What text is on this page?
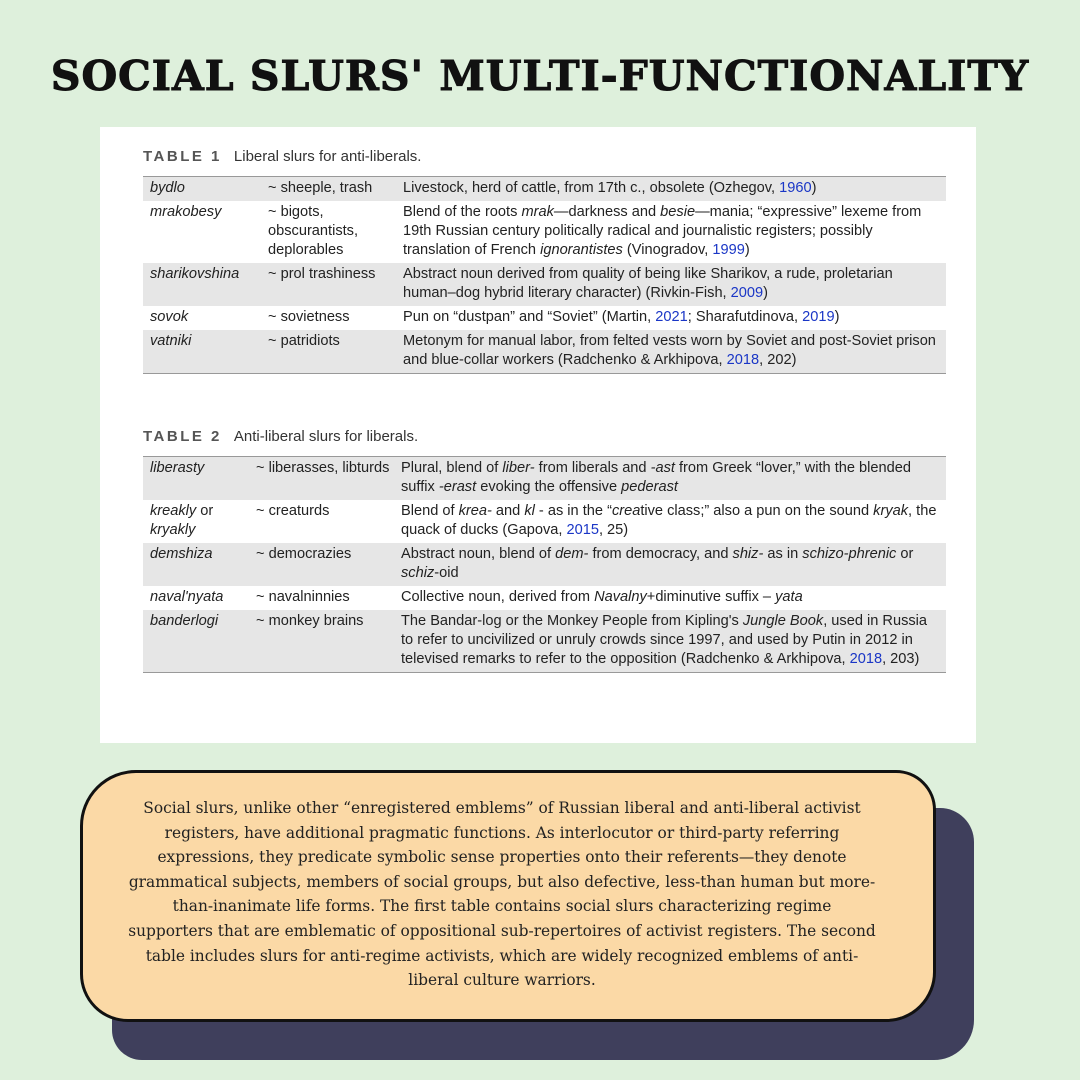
SOCIAL SLURS' MULTI-FUNCTIONALITY
TABLE 1 Liberal slurs for anti-liberals.
bydlo	~ sheeple, trash	Livestock, herd of cattle, from 17th c., obsolete (Ozhegov, 1960)
mrakobesy	~ bigots, obscurantists, deplorables	Blend of the roots mrak—darkness and besie—mania; “expressive” lexeme from 19th Russian century politically radical and journalistic registers; possibly translation of French ignorantistes (Vinogradov, 1999)
sharikovshina	~ prol trashiness	Abstract noun derived from quality of being like Sharikov, a rude, proletarian human–dog hybrid literary character) (Rivkin-Fish, 2009)
sovok	~ sovietness	Pun on “dustpan” and “Soviet” (Martin, 2021; Sharafutdinova, 2019)
vatniki	~ patridiots	Metonym for manual labor, from felted vests worn by Soviet and post-Soviet prison and blue-collar workers (Radchenko & Arkhipova, 2018, 202)
TABLE 2 Anti-liberal slurs for liberals.
liberasty	~ liberasses, libturds	Plural, blend of liber- from liberals and -ast from Greek “lover,” with the blended suffix -erast evoking the offensive pederast
kreakly or kryakly	~ creaturds	Blend of krea- and kl - as in the “creative class;” also a pun on the sound kryak, the quack of ducks (Gapova, 2015, 25)
demshiza	~ democrazies	Abstract noun, blend of dem- from democracy, and shiz- as in schizo-phrenic or schiz-oid
naval'nyata	~ navalninnies	Collective noun, derived from Navalny+diminutive suffix – yata
banderlogi	~ monkey brains	The Bandar-log or the Monkey People from Kipling's Jungle Book, used in Russia to refer to uncivilized or unruly crowds since 1997, and used by Putin in 2012 in televised remarks to refer to the opposition (Radchenko & Arkhipova, 2018, 203)
Social slurs, unlike other “enregistered emblems” of Russian liberal and anti-liberal activist registers, have additional pragmatic functions. As interlocutor or third-party referring expressions, they predicate symbolic sense properties onto their referents—they denote grammatical subjects, members of social groups, but also defective, less-than human but more-than-inanimate life forms. The first table contains social slurs characterizing regime supporters that are emblematic of oppositional sub-repertoires of activist registers. The second table includes slurs for anti-regime activists, which are widely recognized emblems of anti-liberal culture warriors.
